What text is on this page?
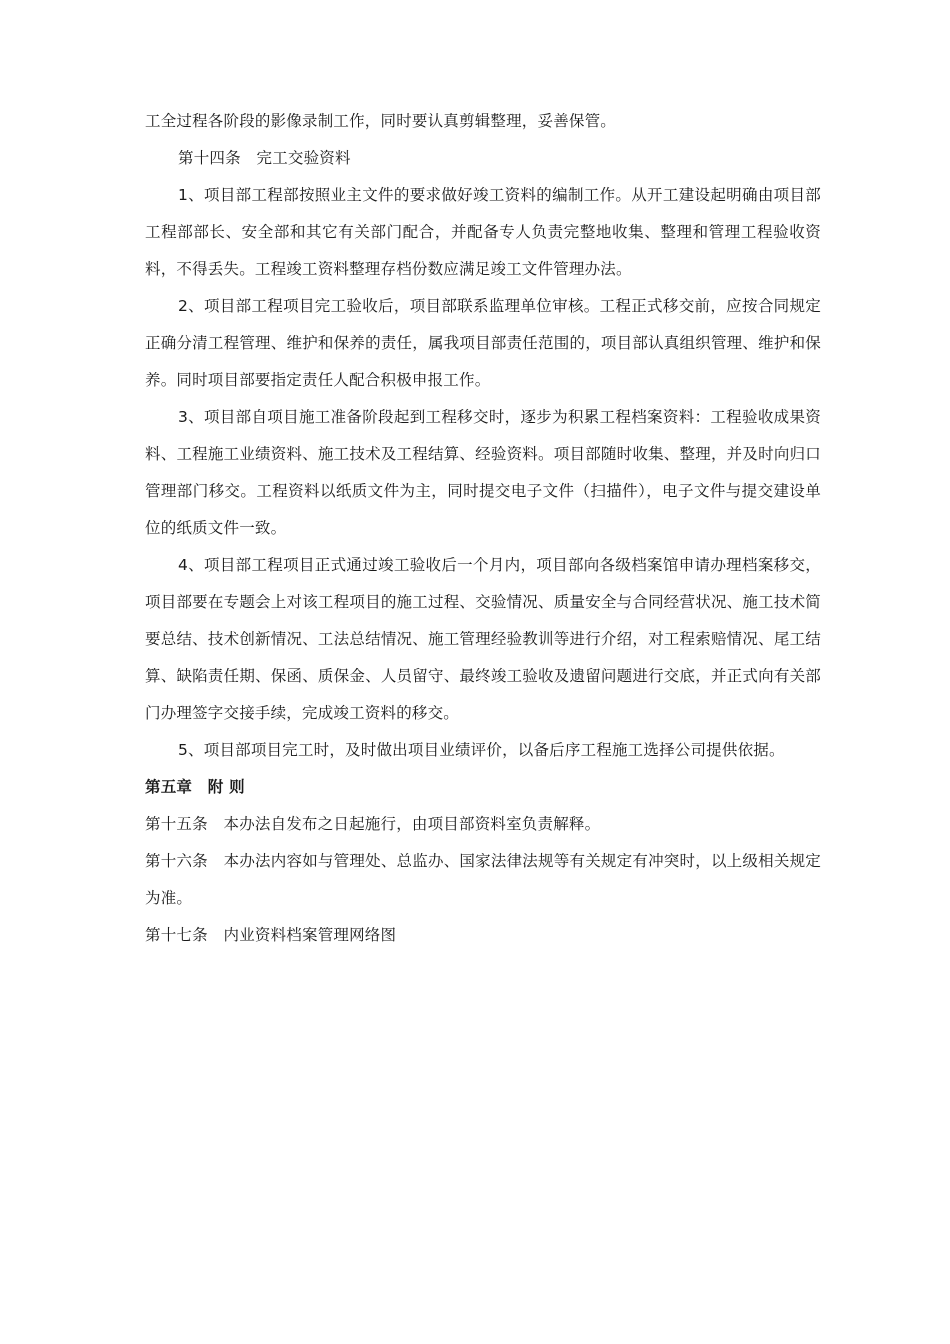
工全过程各阶段的影像录制工作，同时要认真剪辑整理，妥善保管。

第十四条　完工交验资料

1、项目部工程部按照业主文件的要求做好竣工资料的编制工作。从开工建设起明确由项目部工程部部长、安全部和其它有关部门配合，并配备专人负责完整地收集、整理和管理工程验收资料，不得丢失。工程竣工资料整理存档份数应满足竣工文件管理办法。

2、项目部工程项目完工验收后，项目部联系监理单位审核。工程正式移交前，应按合同规定正确分清工程管理、维护和保养的责任，属我项目部责任范围的，项目部认真组织管理、维护和保养。同时项目部要指定责任人配合积极申报工作。

3、项目部自项目施工准备阶段起到工程移交时，逐步为积累工程档案资料：工程验收成果资料、工程施工业绩资料、施工技术及工程结算、经验资料。项目部随时收集、整理，并及时向归口管理部门移交。工程资料以纸质文件为主，同时提交电子文件（扫描件），电子文件与提交建设单位的纸质文件一致。

4、项目部工程项目正式通过竣工验收后一个月内，项目部向各级档案馆申请办理档案移交，项目部要在专题会上对该工程项目的施工过程、交验情况、质量安全与合同经营状况、施工技术简要总结、技术创新情况、工法总结情况、施工管理经验教训等进行介绍，对工程索赔情况、尾工结算、缺陷责任期、保函、质保金、人员留守、最终竣工验收及遗留问题进行交底，并正式向有关部门办理签字交接手续，完成竣工资料的移交。

5、项目部项目完工时，及时做出项目业绩评价，以备后序工程施工选择公司提供依据。

第五章　附 则

第十五条　本办法自发布之日起施行，由项目部资料室负责解释。

第十六条　本办法内容如与管理处、总监办、国家法律法规等有关规定有冲突时，以上级相关规定为准。

第十七条　内业资料档案管理网络图
